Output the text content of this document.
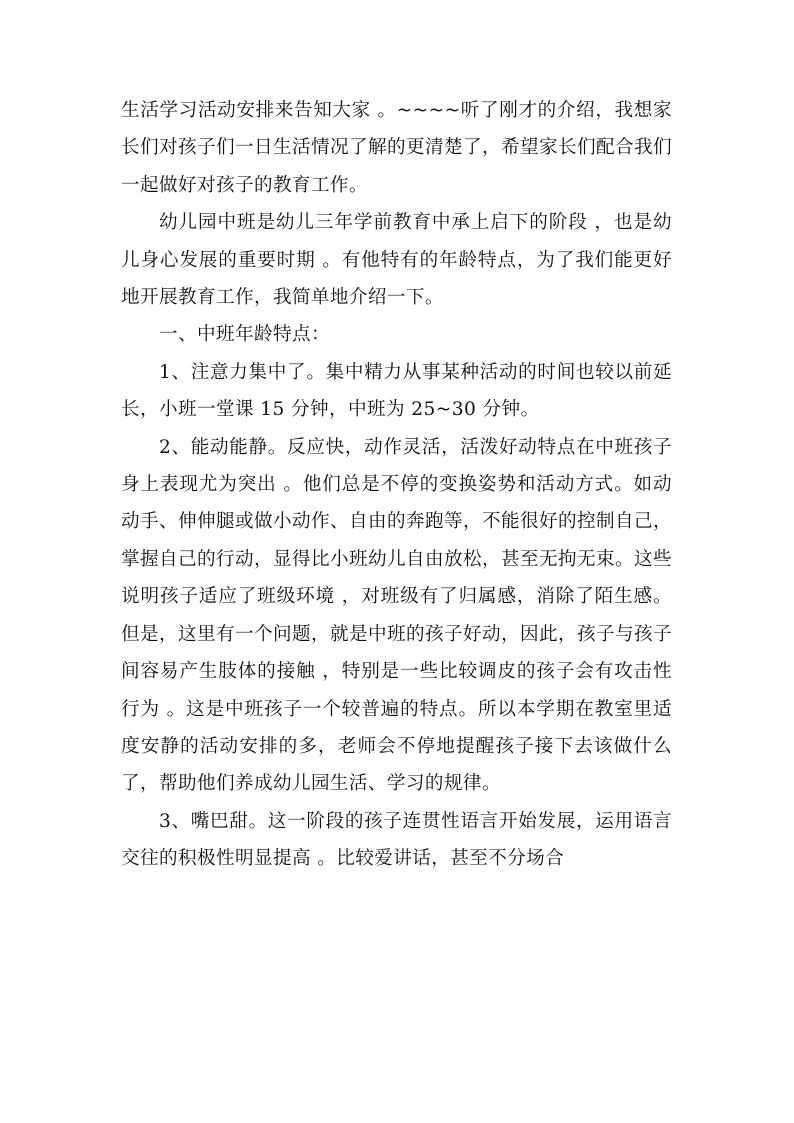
生活学习活动安排来告知大家 。~~~~听了刚才的介绍，我想家长们对孩子们一日生活情况了解的更清楚了，希望家长们配合我们一起做好对孩子的教育工作。

幼儿园中班是幼儿三年学前教育中承上启下的阶段 ，也是幼儿身心发展的重要时期 。有他特有的年龄特点，为了我们能更好地开展教育工作，我简单地介绍一下。

一、中班年龄特点：

1、注意力集中了。集中精力从事某种活动的时间也较以前延长，小班一堂课 15 分钟，中班为 25~30 分钟。

2、能动能静。反应快，动作灵活，活泼好动特点在中班孩子身上表现尤为突出 。他们总是不停的变换姿势和活动方式。如动动手、伸伸腿或做小动作、自由的奔跑等，不能很好的控制自己，掌握自己的行动，显得比小班幼儿自由放松，甚至无拘无束。这些说明孩子适应了班级环境 ，对班级有了归属感，消除了陌生感。但是，这里有一个问题，就是中班的孩子好动，因此，孩子与孩子间容易产生肢体的接触 ，特别是一些比较调皮的孩子会有攻击性行为 。这是中班孩子一个较普遍的特点。所以本学期在教室里适度安静的活动安排的多，老师会不停地提醒孩子接下去该做什么了，帮助他们养成幼儿园生活、学习的规律。

3、嘴巴甜。这一阶段的孩子连贯性语言开始发展，运用语言交往的积极性明显提高 。比较爱讲话，甚至不分场合
